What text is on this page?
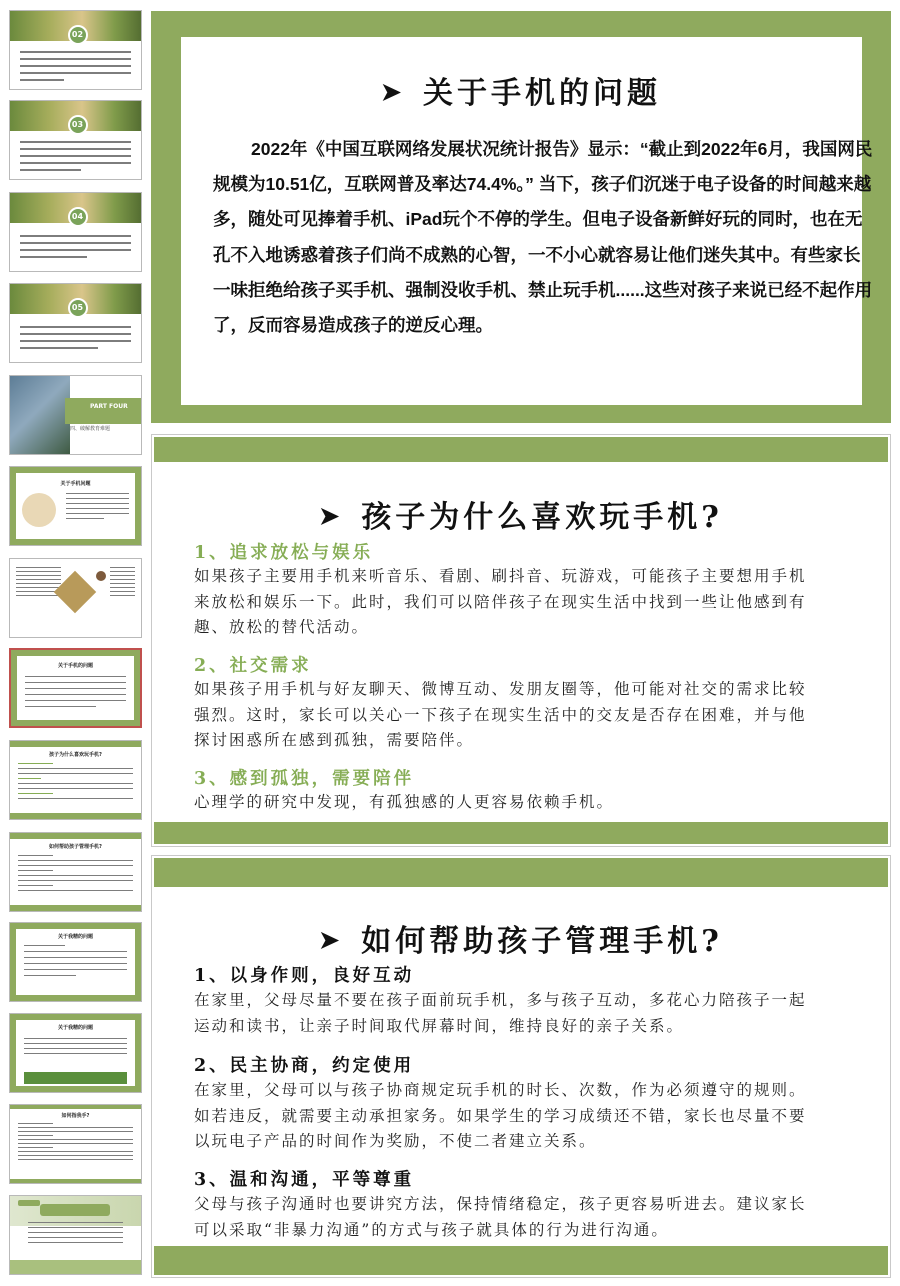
02
03
04
05
PART FOUR
四、破解教育难题
关于手机问题
关于手机的问题
孩子为什么喜欢玩手机?
如何帮助孩子管理手机?
关于我精的问题
关于我精的问题
如何指我手?
➤ 关于手机的问题
2022年《中国互联网络发展状况统计报告》显示：“截止到2022年6月，我国网民规模为10.51亿，互联网普及率达74.4%。” 当下，孩子们沉迷于电子设备的时间越来越多，随处可见捧着手机、iPad玩个不停的学生。但电子设备新鲜好玩的同时，也在无孔不入地诱惑着孩子们尚不成熟的心智，一不小心就容易让他们迷失其中。有些家长一味拒绝给孩子买手机、强制没收手机、禁止玩手机......这些对孩子来说已经不起作用了，反而容易造成孩子的逆反心理。
➤ 孩子为什么喜欢玩手机?
1、追求放松与娱乐
如果孩子主要用手机来听音乐、看剧、刷抖音、玩游戏，可能孩子主要想用手机来放松和娱乐一下。此时，我们可以陪伴孩子在现实生活中找到一些让他感到有趣、放松的替代活动。
2、社交需求
如果孩子用手机与好友聊天、微博互动、发朋友圈等，他可能对社交的需求比较强烈。这时，家长可以关心一下孩子在现实生活中的交友是否存在困难，并与他探讨困惑所在感到孤独，需要陪伴。
3、感到孤独，需要陪伴
心理学的研究中发现，有孤独感的人更容易依赖手机。
➤ 如何帮助孩子管理手机?
1、以身作则，良好互动
在家里，父母尽量不要在孩子面前玩手机，多与孩子互动，多花心力陪孩子一起运动和读书，让亲子时间取代屏幕时间，维持良好的亲子关系。
2、民主协商，约定使用
在家里，父母可以与孩子协商规定玩手机的时长、次数，作为必须遵守的规则。如若违反，就需要主动承担家务。如果学生的学习成绩还不错，家长也尽量不要以玩电子产品的时间作为奖励，不使二者建立关系。
3、温和沟通，平等尊重
父母与孩子沟通时也要讲究方法，保持情绪稳定，孩子更容易听进去。建议家长可以采取“非暴力沟通”的方式与孩子就具体的行为进行沟通。
